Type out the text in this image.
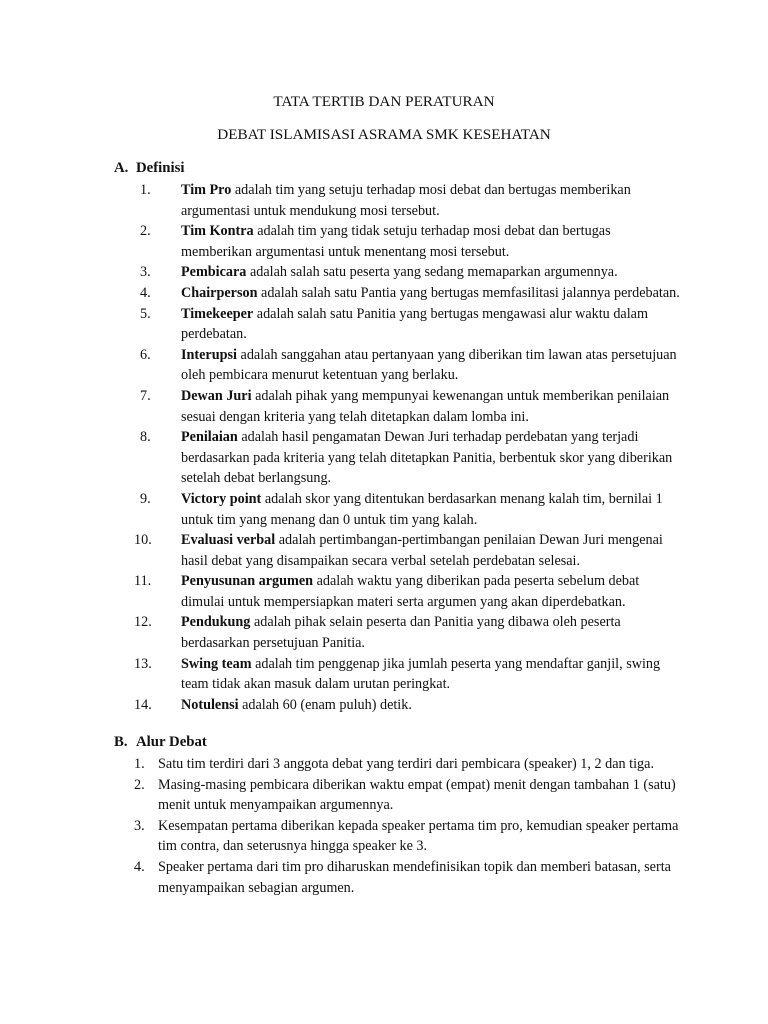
TATA TERTIB DAN PERATURAN
DEBAT ISLAMISASI ASRAMA SMK KESEHATAN
A. Definisi
1.	Tim Pro adalah tim yang setuju terhadap mosi debat dan bertugas memberikan argumentasi untuk mendukung mosi tersebut.
2.	Tim Kontra adalah tim yang tidak setuju terhadap mosi debat dan bertugas memberikan argumentasi untuk menentang mosi tersebut.
3.	Pembicara adalah salah satu peserta yang sedang memaparkan argumennya.
4.	Chairperson adalah salah satu Pantia yang bertugas memfasilitasi jalannya perdebatan.
5.	Timekeeper adalah salah satu Panitia yang bertugas mengawasi alur waktu dalam perdebatan.
6.	Interupsi adalah sanggahan atau pertanyaan yang diberikan tim lawan atas persetujuan oleh pembicara menurut ketentuan yang berlaku.
7.	Dewan Juri adalah pihak yang mempunyai kewenangan untuk memberikan penilaian sesuai dengan kriteria yang telah ditetapkan dalam lomba ini.
8.	Penilaian adalah hasil pengamatan Dewan Juri terhadap perdebatan yang terjadi berdasarkan pada kriteria yang telah ditetapkan Panitia, berbentuk skor yang diberikan setelah debat berlangsung.
9.	Victory point adalah skor yang ditentukan berdasarkan menang kalah tim, bernilai 1 untuk tim yang menang dan 0 untuk tim yang kalah.
10.	Evaluasi verbal adalah pertimbangan-pertimbangan penilaian Dewan Juri mengenai hasil debat yang disampaikan secara verbal setelah perdebatan selesai.
11.	Penyusunan argumen adalah waktu yang diberikan pada peserta sebelum debat dimulai untuk mempersiapkan materi serta argumen yang akan diperdebatkan.
12.	Pendukung adalah pihak selain peserta dan Panitia yang dibawa oleh peserta berdasarkan persetujuan Panitia.
13.	Swing team adalah tim penggenap jika jumlah peserta yang mendaftar ganjil, swing team tidak akan masuk dalam urutan peringkat.
14.	Notulensi adalah 60 (enam puluh) detik.
B. Alur Debat
1. Satu tim terdiri dari 3 anggota debat yang terdiri dari pembicara (speaker) 1, 2 dan tiga.
2. Masing-masing pembicara diberikan waktu empat (empat) menit dengan tambahan 1 (satu) menit untuk menyampaikan argumennya.
3. Kesempatan pertama diberikan kepada speaker pertama tim pro, kemudian speaker pertama tim contra, dan seterusnya hingga speaker ke 3.
4. Speaker pertama dari tim pro diharuskan mendefinisikan topik dan memberi batasan, serta menyampaikan sebagian argumen.
